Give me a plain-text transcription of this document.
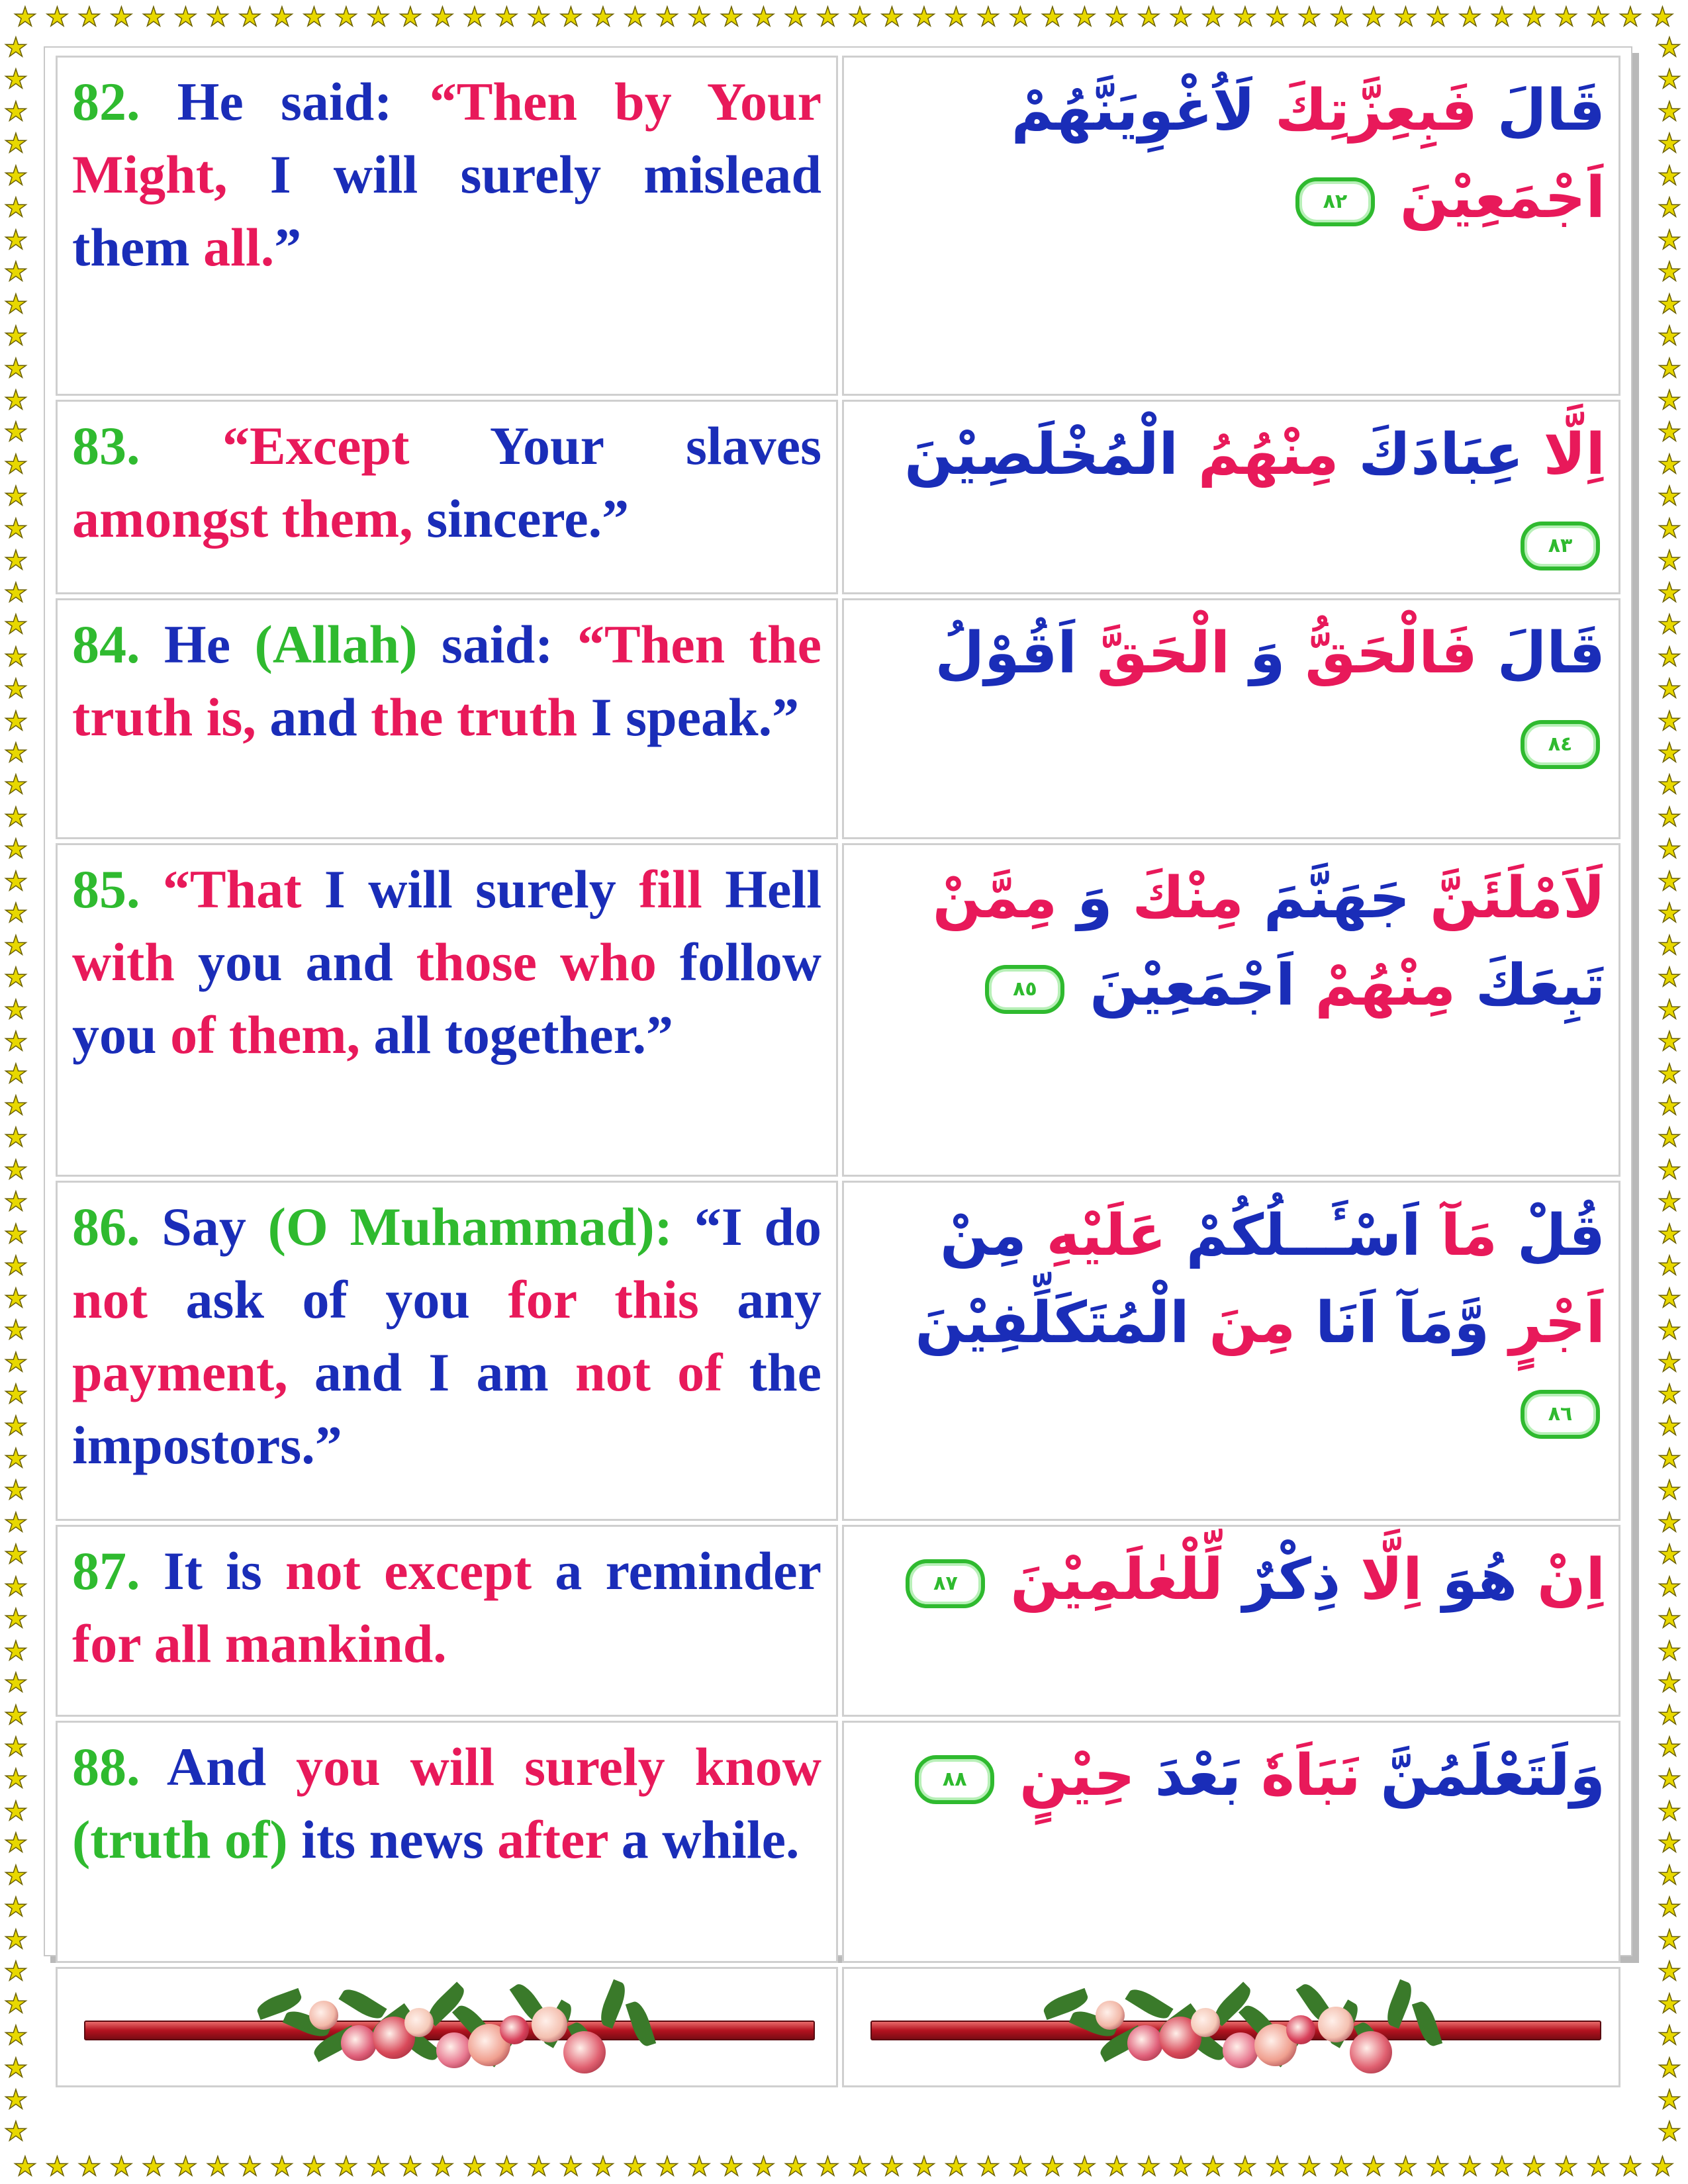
★ ★ ★ ★ ★ ★ ★ ★ ★ ★ ★ ★ ★ ★ ★ ★ ★ ★ ★ ★ ★ ★ ★ ★ ★ ★ ★ ★ ★ ★ ★ ★ ★ ★ ★ ★ ★ ★ ★ ★ ★ ★ ★ ★ ★ ★ ★ ★ ★ ★ ★ ★
★ ★ ★ ★ ★ ★ ★ ★ ★ ★ ★ ★ ★ ★ ★ ★ ★ ★ ★ ★ ★ ★ ★ ★ ★ ★ ★ ★ ★ ★ ★ ★ ★ ★ ★ ★ ★ ★ ★ ★ ★ ★ ★ ★ ★ ★ ★ ★ ★ ★ ★ ★
★
★
★
★
★
★
★
★
★
★
★
★
★
★
★
★
★
★
★
★
★
★
★
★
★
★
★
★
★
★
★
★
★
★
★
★
★
★
★
★
★
★
★
★
★
★
★
★
★
★
★
★
★
★
★
★
★
★
★
★
★
★
★
★
★
★
★
★
★
★
★
★
★
★
★
★
★
★
★
★
★
★
★
★
★
★
★
★
★
★
★
★
★
★
★
★
★
★
★
★
★
★
★
★
★
★
★
★
★
★
★
★
★
★
★
★
★
★
★
★
★
★
★
★
★
★
★
★
★
★
★
★
82. He said: “Then by Your Might, I will surely mislead them all.”	قَالَ فَبِعِزَّتِكَ لَاُغْوِيَنَّهُمْ اَجْمَعِيْنَ ٨٢
83. “Except Your slaves amongst them, sincere.”	اِلَّا عِبَادَكَ مِنْهُمُ الْمُخْلَصِيْنَ ٨٣
84. He (Allah) said: “Then the truth is, and the truth I speak.”	قَالَ فَالْحَقُّ وَ الْحَقَّ اَقُوْلُ ٨٤
85. “That I will surely fill Hell with you and those who follow you of them, all together.”	لَاَمْلَئَنَّ جَهَنَّمَ مِنْكَ وَ مِمَّنْ تَبِعَكَ مِنْهُمْ اَجْمَعِيْنَ ٨٥
86. Say (O Muhammad): “I do not ask of you for this any payment, and I am not of the impostors.”	قُلْ مَآ اَسْـَٔــلُكُمْ عَلَيْهِ مِنْ اَجْرٍ وَّمَآ اَنَا مِنَ الْمُتَكَلِّفِيْنَ ٨٦
87. It is not except a reminder for all mankind.	اِنْ هُوَ اِلَّا ذِكْرٌ لِّلْعٰلَمِيْنَ ٨٧
88. And you will surely know (truth of) its news after a while.	وَلَتَعْلَمُنَّ نَبَاَهٗ بَعْدَ حِيْنٍ ٨٨
